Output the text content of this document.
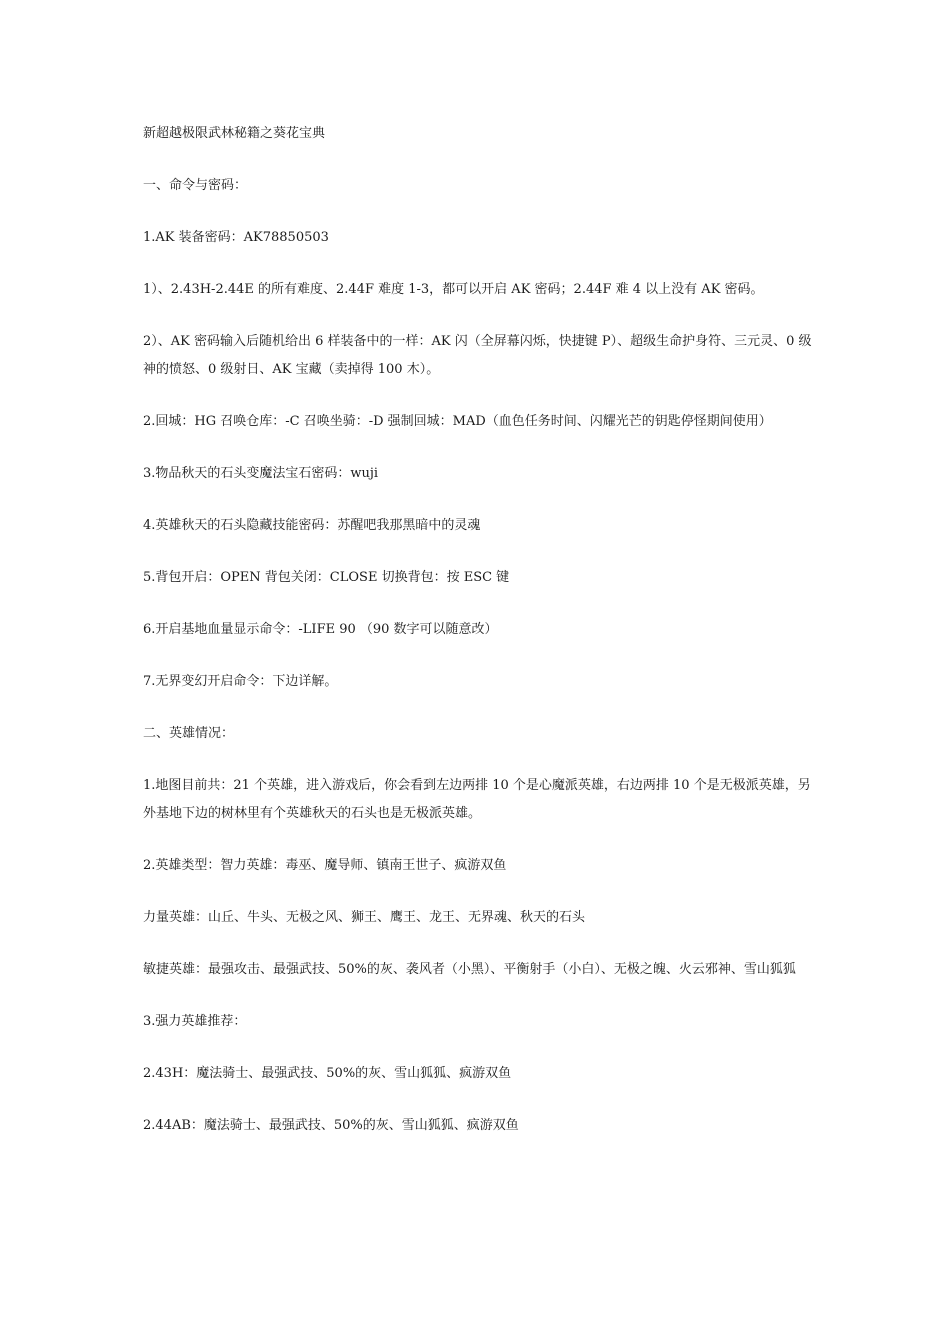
新超越极限武林秘籍之葵花宝典

一、命令与密码：

1.AK 装备密码：AK78850503

1）、2.43H-2.44E 的所有难度、2.44F 难度 1-3，都可以开启 AK 密码；2.44F 难 4 以上没有 AK 密码。

2）、AK 密码输入后随机给出 6 样装备中的一样：AK 闪（全屏幕闪烁，快捷键 P）、超级生命护身符、三元灵、0 级神的愤怒、0 级射日、AK 宝藏（卖掉得 100 木）。

2.回城：HG 召唤仓库：-C 召唤坐骑：-D 强制回城：MAD（血色任务时间、闪耀光芒的钥匙停怪期间使用）

3.物品秋天的石头变魔法宝石密码：wuji

4.英雄秋天的石头隐藏技能密码：苏醒吧我那黑暗中的灵魂

5.背包开启：OPEN 背包关闭：CLOSE 切换背包：按 ESC 键

6.开启基地血量显示命令：-LIFE 90 （90 数字可以随意改）

7.无界变幻开启命令：下边详解。

二、英雄情况：

1.地图目前共：21 个英雄，进入游戏后，你会看到左边两排 10 个是心魔派英雄，右边两排 10 个是无极派英雄，另外基地下边的树林里有个英雄秋天的石头也是无极派英雄。

2.英雄类型：智力英雄：毒巫、魔导师、镇南王世子、疯游双鱼

力量英雄：山丘、牛头、无极之风、狮王、鹰王、龙王、无界魂、秋天的石头

敏捷英雄：最强攻击、最强武技、50%的灰、袭风者（小黑）、平衡射手（小白）、无极之魄、火云邪神、雪山狐狐

3.强力英雄推荐：

2.43H：魔法骑士、最强武技、50%的灰、雪山狐狐、疯游双鱼

2.44AB：魔法骑士、最强武技、50%的灰、雪山狐狐、疯游双鱼
